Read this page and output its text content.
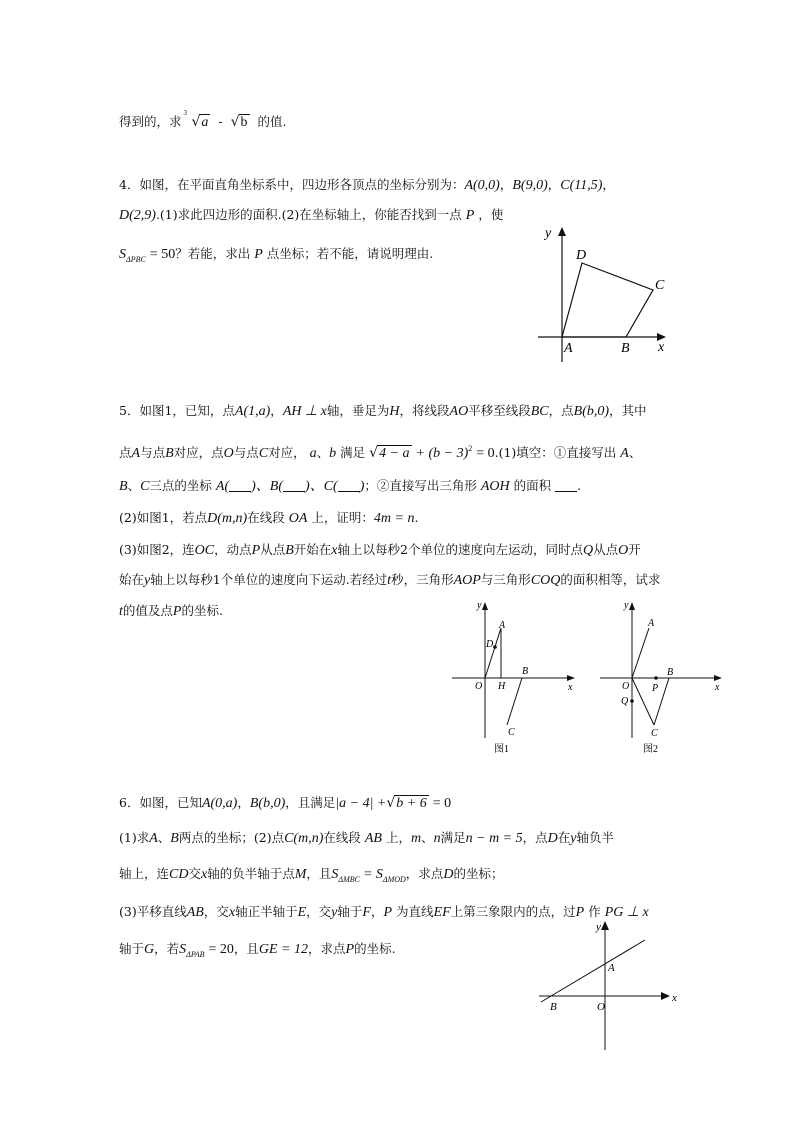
得到的，求
3
√a - √b 的值.
4．如图，在平面直角坐标系中，四边形各顶点的坐标分别为：A(0,0)，B(9,0)，C(11,5)，
D(2,9).(1)求此四边形的面积.(2)在坐标轴上，你能否找到一点 P ，使
$S_{\Delta PBC} = 50$？若能，求出 P 点坐标；若不能，请说明理由.
y
x
A	B
C
D
5．如图1，已知，点A(1,a)，AH ⊥ x轴，垂足为H，将线段AO平移至线段BC，点B(b,0)，其中
点A与点B对应，点O与点C对应， a、b 满足 $√4 - a + (b - 3)^2 = 0.(1)$填空：①直接写出 A、
B、C三点的坐标 A( )、B( )、C( )；②直接写出三角形 AOH 的面积 .
(2)如图1，若点D(m,n)在线段 OA 上，证明：4m = n.
(3)如图2，连OC，动点P从点B开始在x轴上以每秒2个单位的速度向左运动，同时点Q从点O开
始在y轴上以每秒1个单位的速度向下运动.若经过t秒，三角形AOP与三角形COQ的面积相等，试求
t的值及点P的坐标.	y
x
A
D
O H
B
C
图1
y
x
A
O P
B
Q
C
图2
6．如图，已知A(0,a)，B(b,0)，且满足|a − 4| +√b + 6 = 0
(1)求A、B两点的坐标；(2)点C(m,n)在线段 AB 上，m、n满足n − m = 5，点D在y轴负半
轴上，连CD交x轴的负半轴于点M，且$S_{\Delta MBC} = S_{\Delta MOD}$，求点D的坐标；
(3)平移直线AB，交x轴正半轴于E，交y轴于F，P 为直线EF上第三象限内的点，过P 作 PG ⊥ x
轴于G，若$S_{\Delta PAB} = 20$，且GE = 12，求点P的坐标.
y
x
A
B	O
